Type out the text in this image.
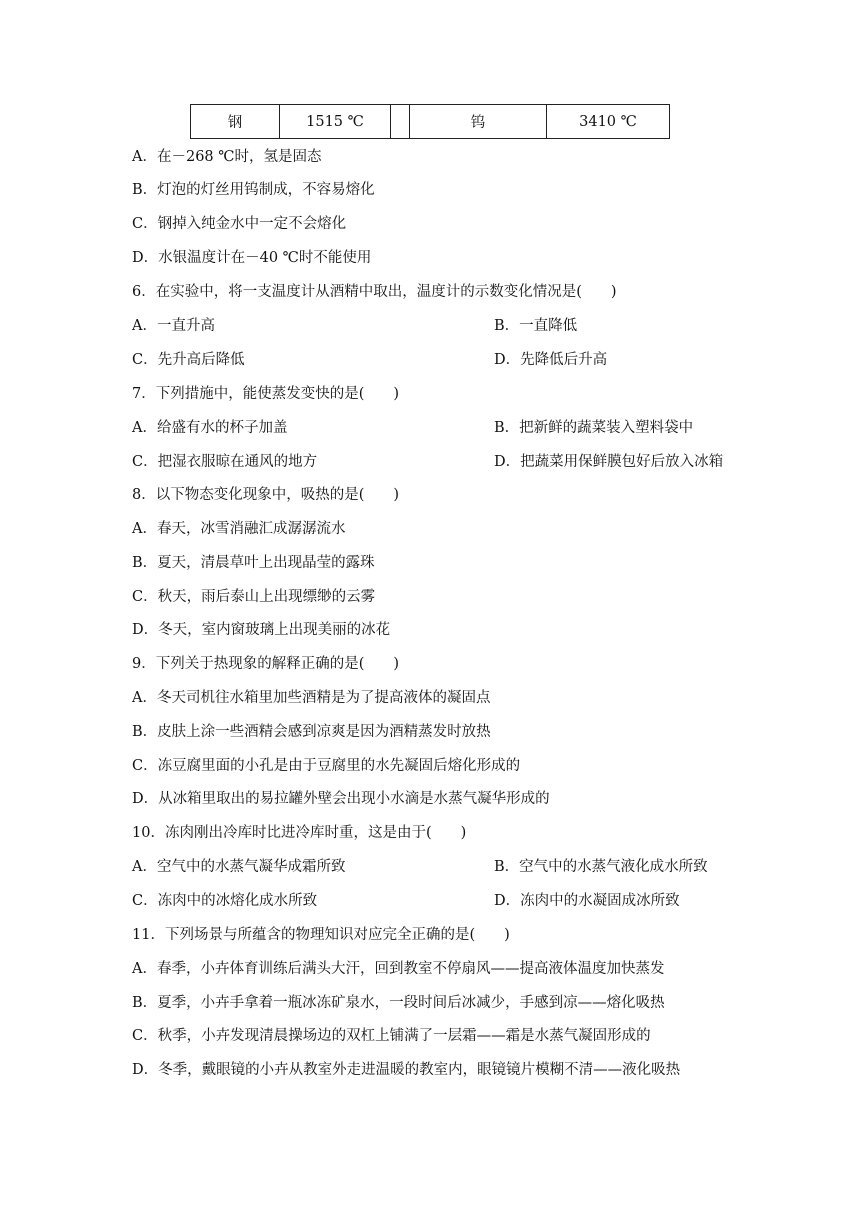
钢	1515 ℃		钨	3410 ℃
A．在－268 ℃时，氢是固态
B．灯泡的灯丝用钨制成，不容易熔化
C．钢掉入纯金水中一定不会熔化
D．水银温度计在－40 ℃时不能使用
6．在实验中，将一支温度计从酒精中取出，温度计的示数变化情况是(　　)
A．一直升高	B．一直降低
C．先升高后降低	D．先降低后升高
7．下列措施中，能使蒸发变快的是(　　)
A．给盛有水的杯子加盖	B．把新鲜的蔬菜装入塑料袋中
C．把湿衣服晾在通风的地方	D．把蔬菜用保鲜膜包好后放入冰箱
8．以下物态变化现象中，吸热的是(　　)
A．春天，冰雪消融汇成潺潺流水
B．夏天，清晨草叶上出现晶莹的露珠
C．秋天，雨后泰山上出现缥缈的云雾
D．冬天，室内窗玻璃上出现美丽的冰花
9．下列关于热现象的解释正确的是(　　)
A．冬天司机往水箱里加些酒精是为了提高液体的凝固点
B．皮肤上涂一些酒精会感到凉爽是因为酒精蒸发时放热
C．冻豆腐里面的小孔是由于豆腐里的水先凝固后熔化形成的
D．从冰箱里取出的易拉罐外壁会出现小水滴是水蒸气凝华形成的
10．冻肉刚出冷库时比进冷库时重，这是由于(　　)
A．空气中的水蒸气凝华成霜所致	B．空气中的水蒸气液化成水所致
C．冻肉中的冰熔化成水所致	D．冻肉中的水凝固成冰所致
11．下列场景与所蕴含的物理知识对应完全正确的是(　　)
A．春季，小卉体育训练后满头大汗，回到教室不停扇风——提高液体温度加快蒸发
B．夏季，小卉手拿着一瓶冰冻矿泉水，一段时间后冰减少，手感到凉——熔化吸热
C．秋季，小卉发现清晨操场边的双杠上铺满了一层霜——霜是水蒸气凝固形成的
D．冬季，戴眼镜的小卉从教室外走进温暖的教室内，眼镜镜片模糊不清——液化吸热
